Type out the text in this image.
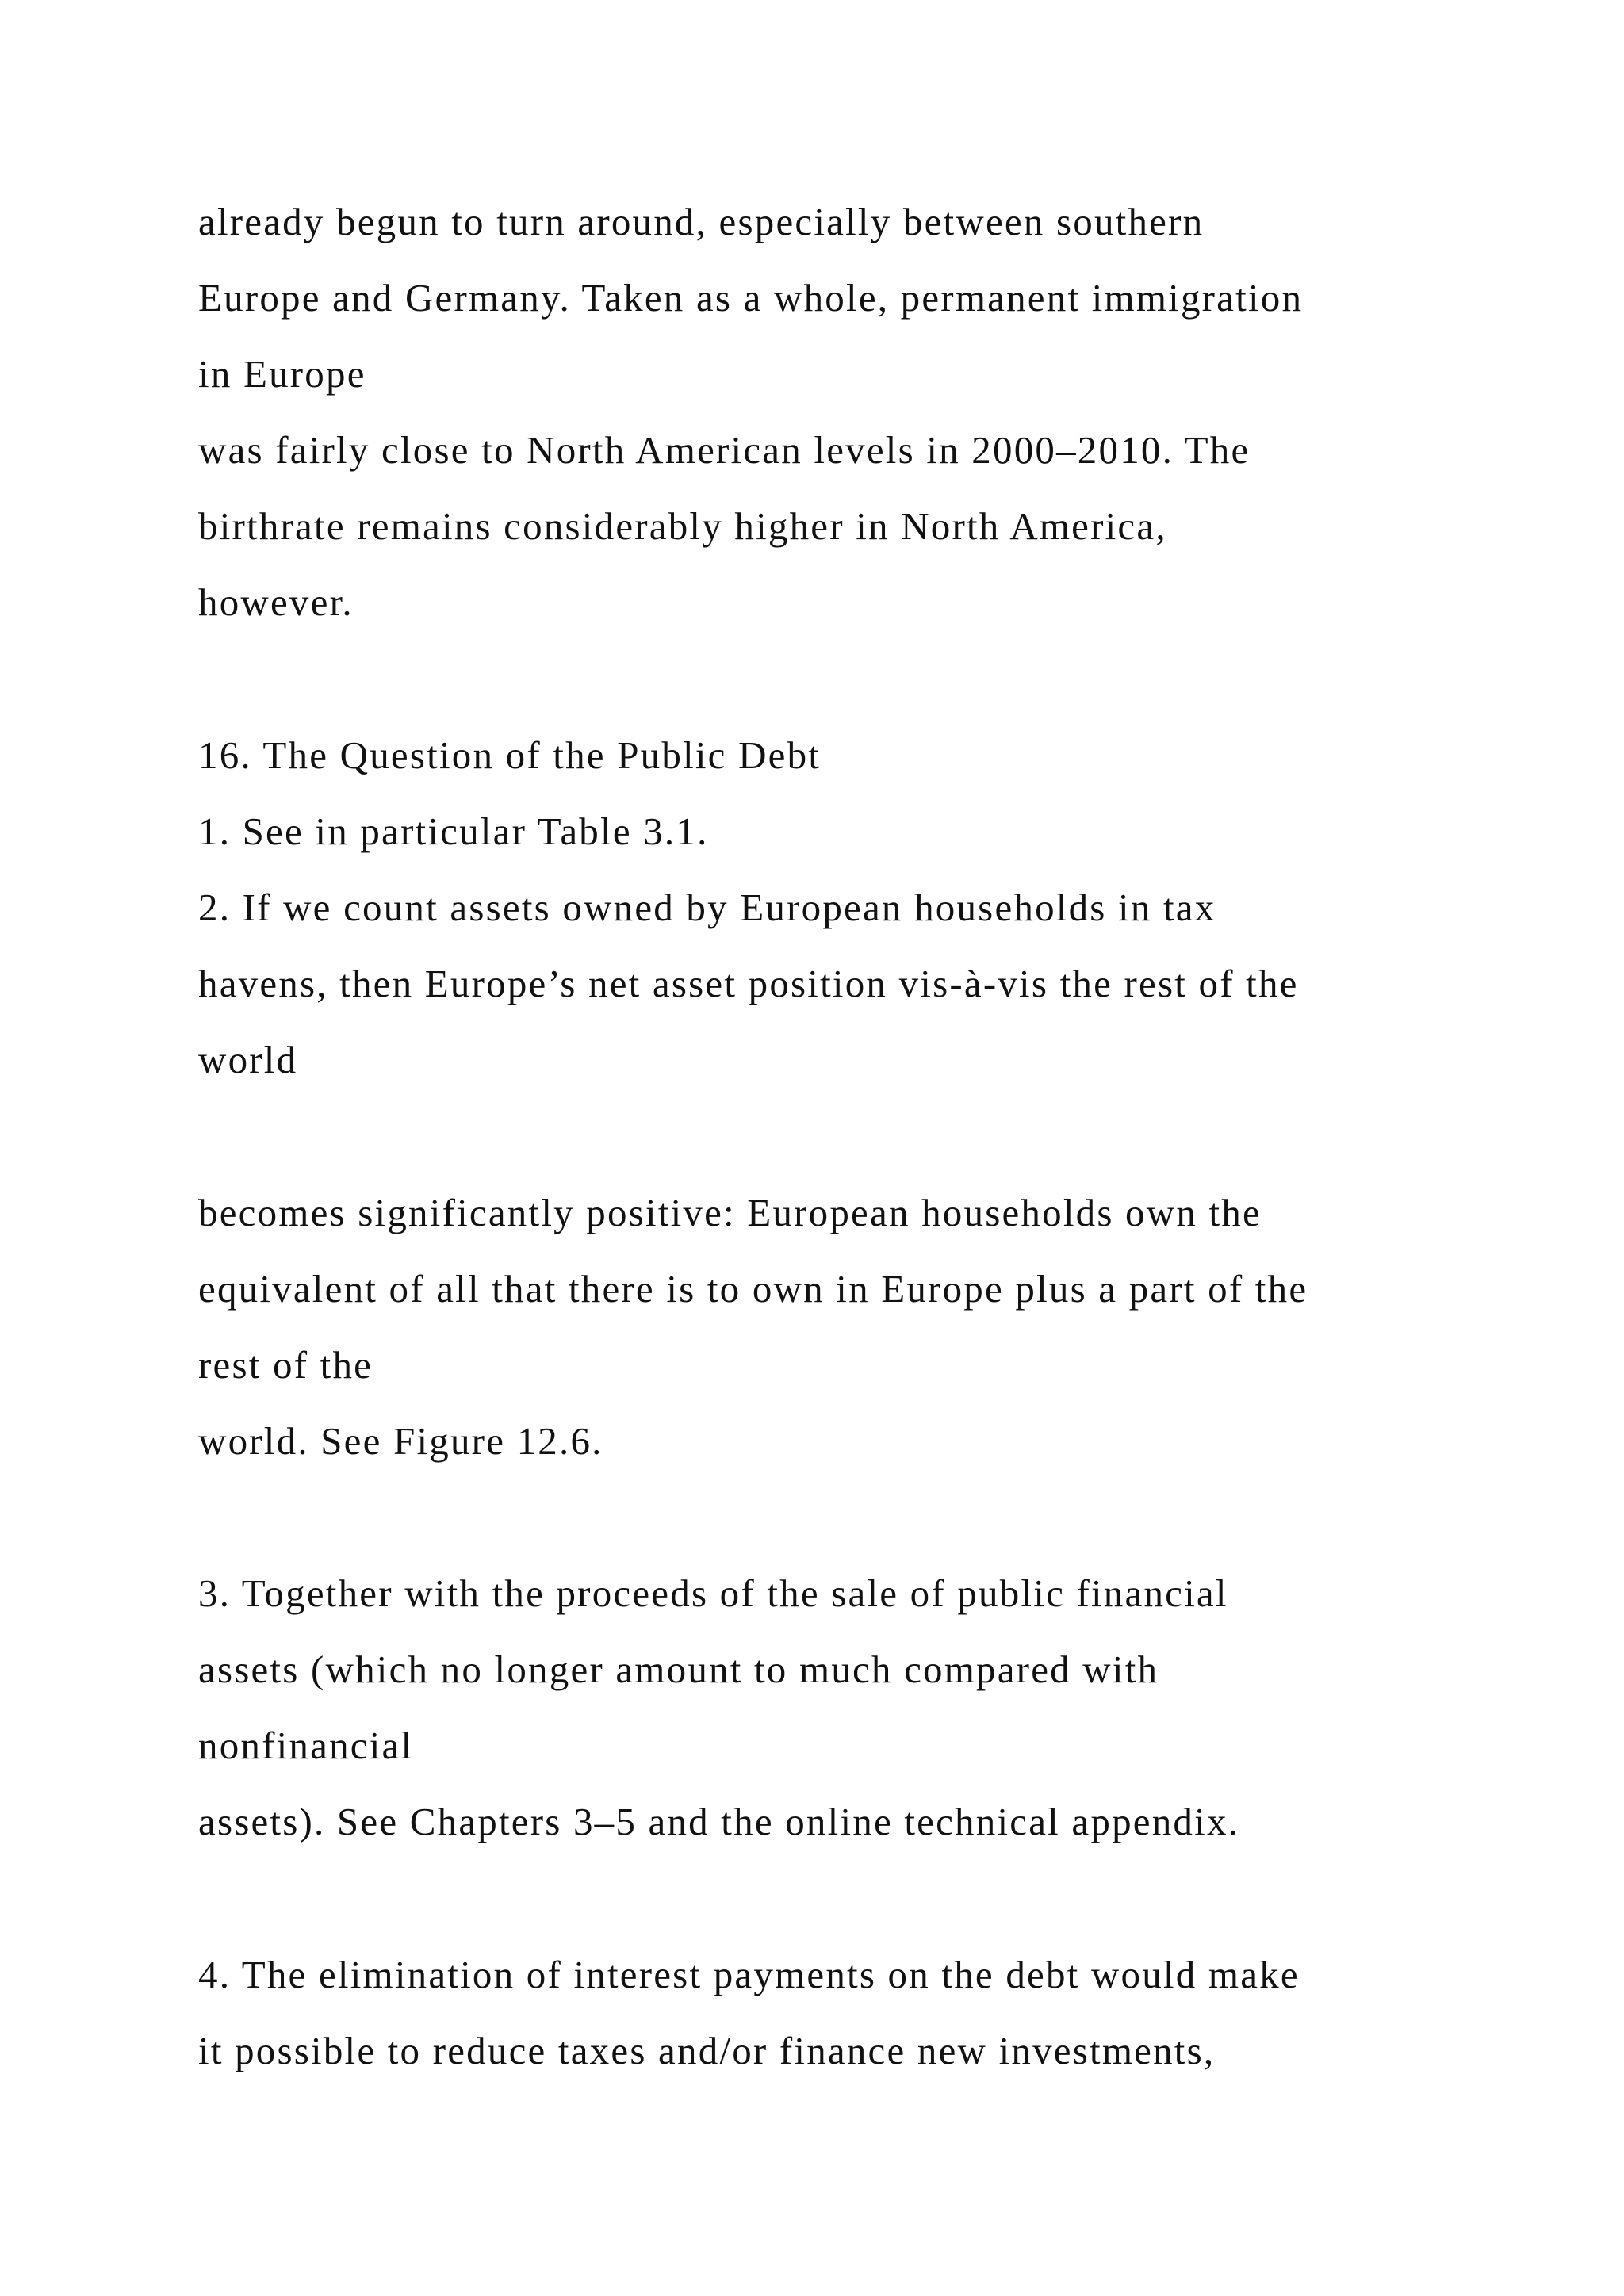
already begun to turn around, especially between southern

Europe and Germany. Taken as a whole, permanent immigration

in Europe

was fairly close to North American levels in 2000–2010. The

birthrate remains considerably higher in North America,

however.

16. The Question of the Public Debt

1. See in particular Table 3.1.

2. If we count assets owned by European households in tax

havens, then Europe’s net asset position vis-à-vis the rest of the

world

becomes significantly positive: European households own the

equivalent of all that there is to own in Europe plus a part of the

rest of the

world. See Figure 12.6.

3. Together with the proceeds of the sale of public financial

assets (which no longer amount to much compared with

nonfinancial

assets). See Chapters 3–5 and the online technical appendix.

4. The elimination of interest payments on the debt would make

it possible to reduce taxes and/or finance new investments,
